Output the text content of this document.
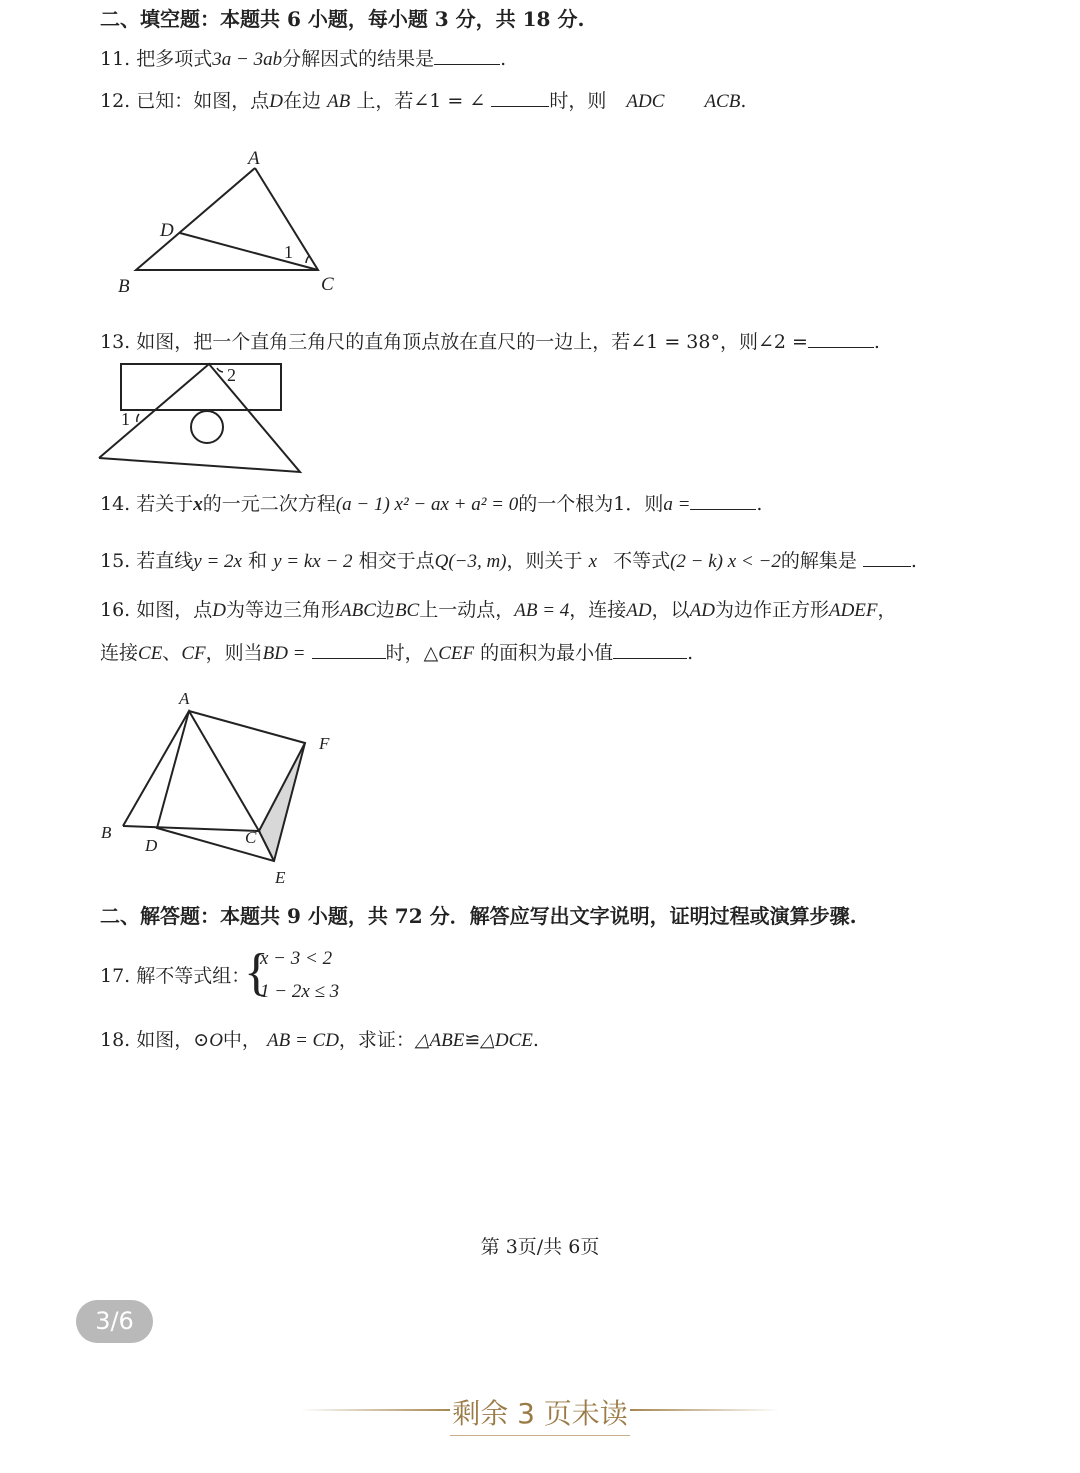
二、填空题：本题共 6 小题，每小题 3 分，共 18 分.
11. 把多项式3a − 3ab分解因式的结果是	.
12. 已知：如图，点D在边 AB 上，若∠1 = ∠	时，则 ADC ACB.
A
D
B	C
1
13. 如图，把一个直角三角尺的直角顶点放在直尺的一边上，若∠1 = 38°，则∠2 =	.
2
1
14. 若关于x的一元二次方程(a − 1) x² − ax + a² = 0的一个根为1．则a =	.
15. 若直线y = 2x 和 y = kx − 2 相交于点Q(−3, m)，则关于 x 不等式(2 − k) x < −2的解集是	.
16. 如图，点D为等边三角形ABC边BC上一动点，AB = 4，连接AD，以AD为边作正方形ADEF，
连接CE、CF，则当BD =	时，△CEF 的面积为最小值	.
A
F
B
D	C
E
二、解答题：本题共 9 小题，共 72 分．解答应写出文字说明，证明过程或演算步骤.
17. 解不等式组：
{
x − 3 < 2
1 − 2x ≤ 3
18. 如图，⊙O中， AB = CD，求证：△ABE≌△DCE.
第 3页/共 6页
3/6
剩余 3 页未读
